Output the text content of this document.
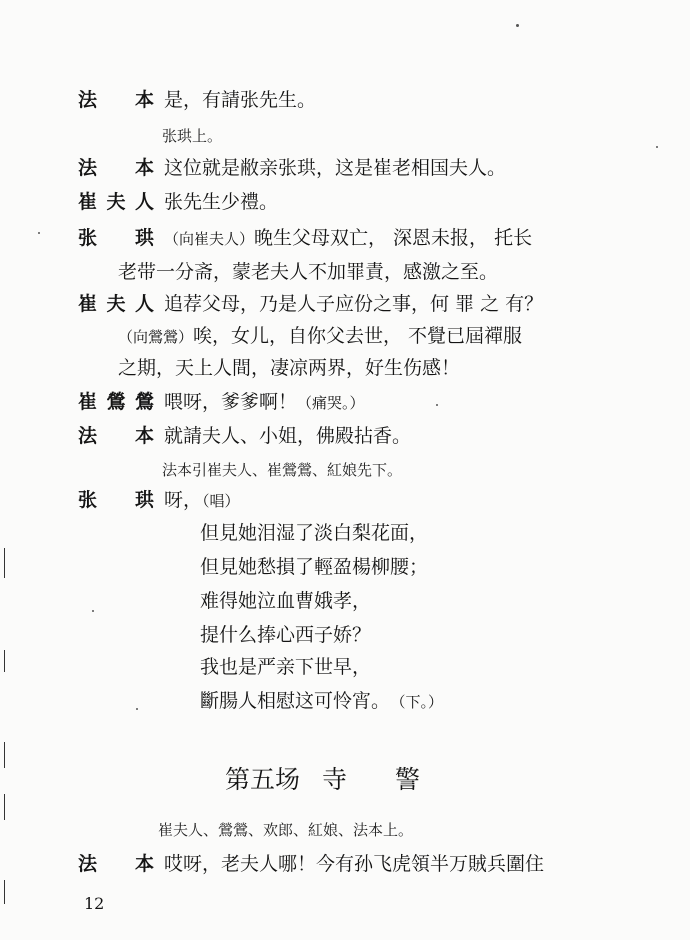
法 本 是，有請张先生。
张珙上。
法 本 这位就是敝亲张珙，这是崔老相国夫人。
崔夫人 张先生少禮。
张 珙 （向崔夫人）晚生父母双亡， 深恩未报， 托长
老带一分斋，蒙老夫人不加罪責，感激之至。
崔夫人 追荐父母，乃是人子应份之事，何 罪 之 有？
（向鶯鶯）唉，女儿，自你父去世， 不覺已屆禪服
之期，天上人間，凄凉两界，好生伤感！
崔鶯鶯 喂呀，爹爹啊！（痛哭。）
法 本 就請夫人、小姐，佛殿拈香。
法本引崔夫人、崔鶯鶯、紅娘先下。
张 珙 呀，（唱）
但見她泪湿了淡白梨花面，
但見她愁損了輕盈楊柳腰；
难得她泣血曹娥孝，
提什么捧心西子娇？
我也是严亲下世早，
斷腸人相慰这可怜宵。 （下。）
第五场 寺 警
崔夫人、鶯鶯、欢郎、紅娘、法本上。
法 本 哎呀，老夫人哪！今有孙飞虎領半万賊兵圍住
12
